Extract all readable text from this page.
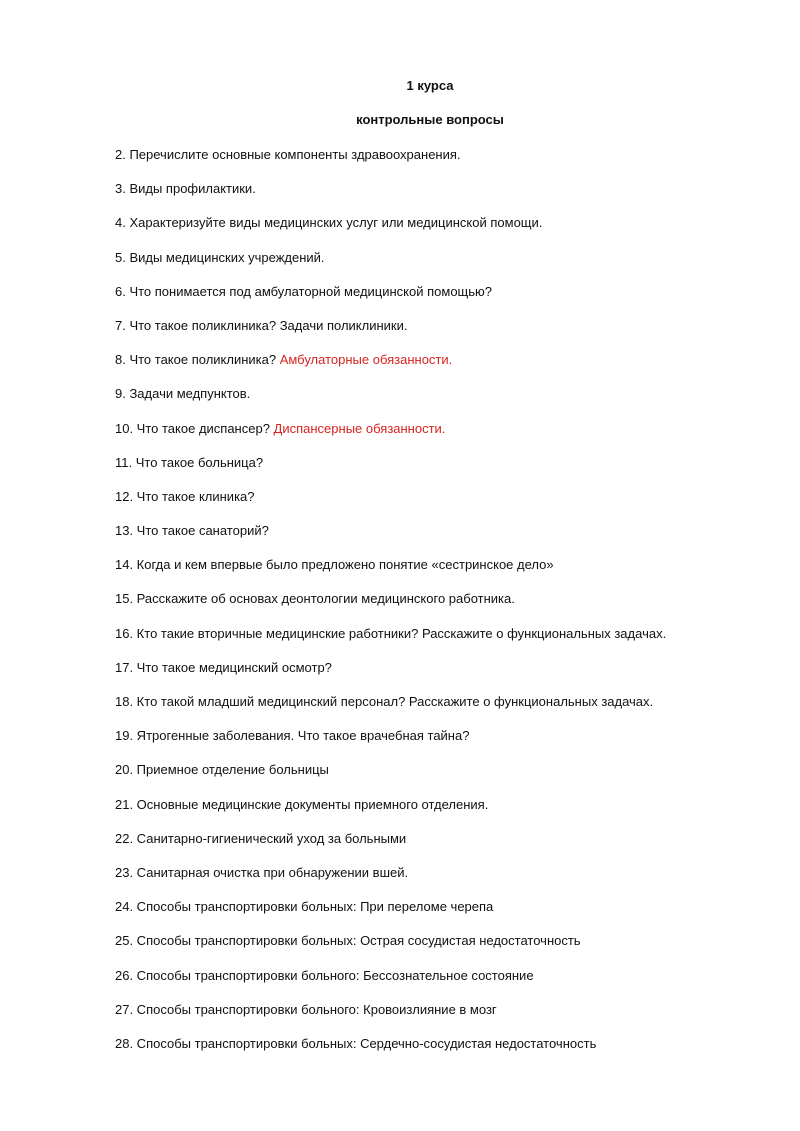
1 курса
контрольные вопросы
2. Перечислите основные компоненты здравоохранения.
3. Виды профилактики.
4. Характеризуйте виды медицинских услуг или медицинской помощи.
5. Виды медицинских учреждений.
6. Что понимается под амбулаторной медицинской помощью?
7. Что такое поликлиника? Задачи поликлиники.
8. Что такое поликлиника? Амбулаторные обязанности.
9. Задачи медпунктов.
10. Что такое диспансер? Диспансерные обязанности.
11. Что такое больница?
12. Что такое клиника?
13. Что такое санаторий?
14. Когда и кем впервые было предложено понятие «сестринское дело»
15. Расскажите об основах деонтологии медицинского работника.
16. Кто такие вторичные медицинские работники? Расскажите о функциональных задачах.
17. Что такое медицинский осмотр?
18. Кто такой младший медицинский персонал? Расскажите о функциональных задачах.
19. Ятрогенные заболевания. Что такое врачебная тайна?
20. Приемное отделение больницы
21. Основные медицинские документы приемного отделения.
22. Санитарно-гигиенический уход за больными
23. Санитарная очистка при обнаружении вшей.
24. Способы транспортировки больных: При переломе черепа
25. Способы транспортировки больных: Острая сосудистая недостаточность
26. Способы транспортировки больного: Бессознательное состояние
27. Способы транспортировки больного: Кровоизлияние в мозг
28. Способы транспортировки больных: Сердечно-сосудистая недостаточность
